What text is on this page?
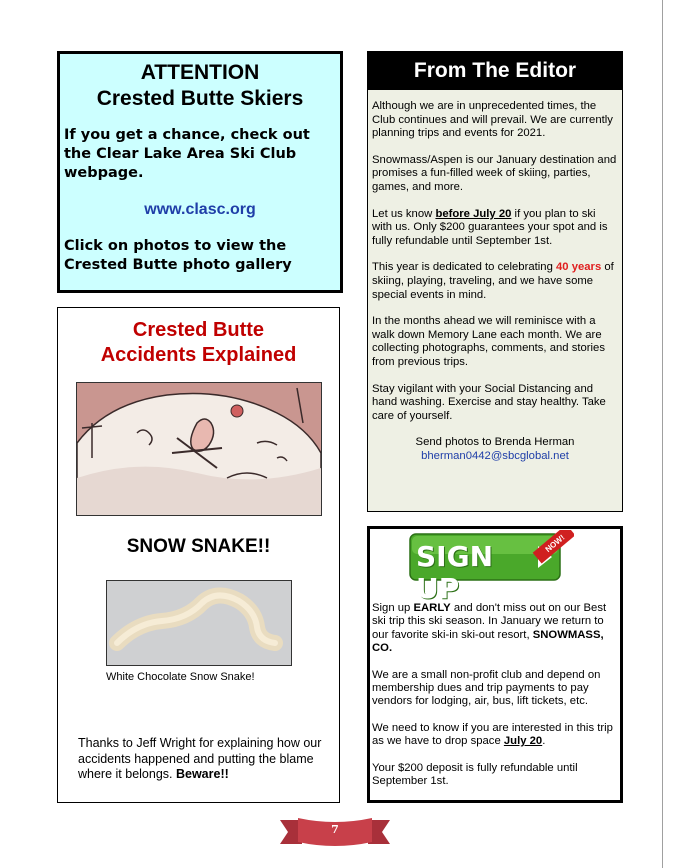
ATTENTION
Crested Butte Skiers
If you get a chance, check out the Clear Lake Area Ski Club webpage.
www.clasc.org
Click on photos to view the Crested Butte photo gallery
From The Editor

Although we are in unprecedented times, the Club continues and will prevail. We are currently planning trips and events for 2021.

Snowmass/Aspen is our January destination and promises a fun-filled week of skiing, parties, games, and more.

Let us know before July 20 if you plan to ski with us. Only $200 guarantees your spot and is fully refundable until September 1st.

This year is dedicated to celebrating 40 years of skiing, playing, traveling, and we have some special events in mind.

In the months ahead we will reminisce with a walk down Memory Lane each month. We are collecting photographs, comments, and stories from previous trips.

Stay vigilant with your Social Distancing and hand washing. Exercise and stay healthy. Take care of yourself.

Send photos to Brenda Herman
bherman0442@sbcglobal.net
Crested Butte
Accidents Explained
SNOW SNAKE!!
White Chocolate Snow Snake!
Thanks to Jeff Wright for explaining how our accidents happened and putting the blame where it belongs. Beware!!
SIGN UP
NOW!

Sign up EARLY and don't miss out on our Best ski trip this ski season. In January we return to our favorite ski-in ski-out resort, SNOWMASS, CO.

We are a small non-profit club and depend on membership dues and trip payments to pay vendors for lodging, air, bus, lift tickets, etc.

We need to know if you are interested in this trip as we have to drop space July 20.

Your $200 deposit is fully refundable until September 1st.

7
